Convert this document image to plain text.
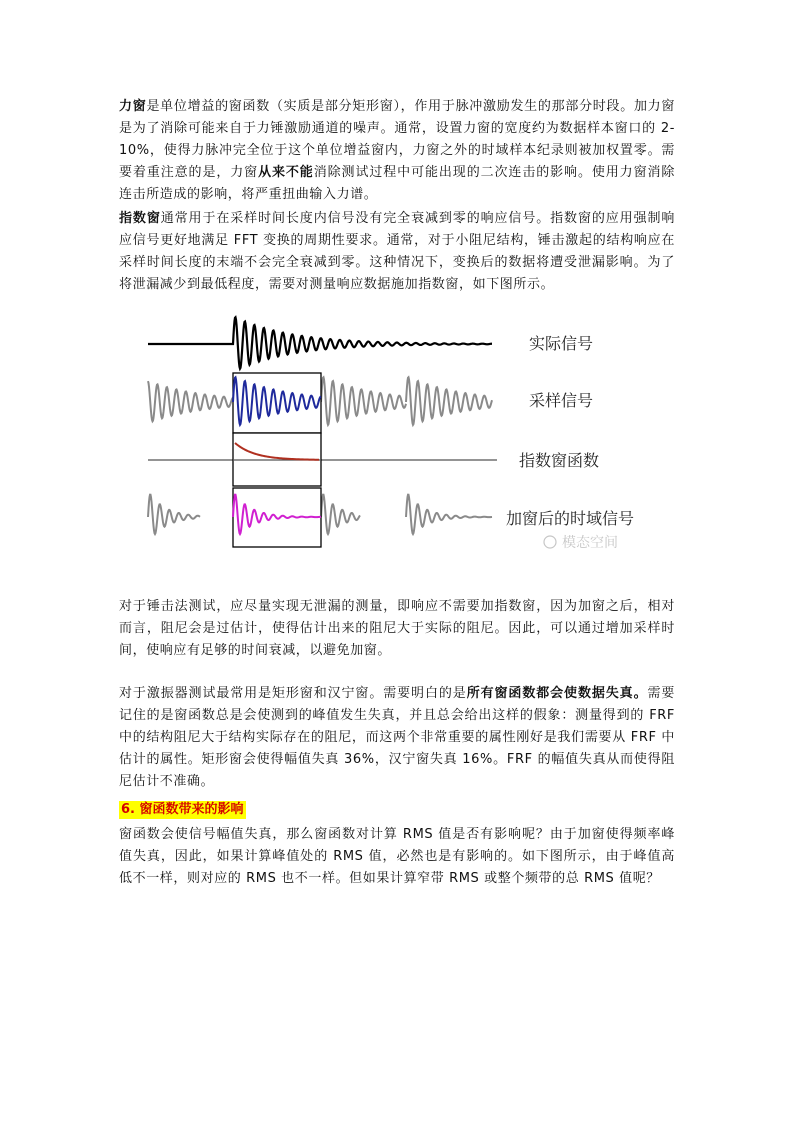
力窗是单位增益的窗函数（实质是部分矩形窗），作用于脉冲激励发生的那部分时段。加力窗是为了消除可能来自于力锤激励通道的噪声。通常，设置力窗的宽度约为数据样本窗口的 2-10%，使得力脉冲完全位于这个单位增益窗内，力窗之外的时域样本纪录则被加权置零。需要着重注意的是，力窗从来不能消除测试过程中可能出现的二次连击的影响。使用力窗消除连击所造成的影响，将严重扭曲输入力谱。

指数窗通常用于在采样时间长度内信号没有完全衰减到零的响应信号。指数窗的应用强制响应信号更好地满足 FFT 变换的周期性要求。通常，对于小阻尼结构，锤击激起的结构响应在采样时间长度的末端不会完全衰减到零。这种情况下，变换后的数据将遭受泄漏影响。为了将泄漏减少到最低程度，需要对测量响应数据施加指数窗，如下图所示。

实际信号
采样信号
指数窗函数
加窗后的时域信号
模态空间

对于锤击法测试，应尽量实现无泄漏的测量，即响应不需要加指数窗，因为加窗之后，相对而言，阻尼会是过估计，使得估计出来的阻尼大于实际的阻尼。因此，可以通过增加采样时间，使响应有足够的时间衰减，以避免加窗。

对于激振器测试最常用是矩形窗和汉宁窗。需要明白的是所有窗函数都会使数据失真。需要记住的是窗函数总是会使测到的峰值发生失真，并且总会给出这样的假象：测量得到的 FRF 中的结构阻尼大于结构实际存在的阻尼，而这两个非常重要的属性刚好是我们需要从 FRF 中估计的属性。矩形窗会使得幅值失真 36%，汉宁窗失真 16%。FRF 的幅值失真从而使得阻尼估计不准确。

6. 窗函数带来的影响

窗函数会使信号幅值失真，那么窗函数对计算 RMS 值是否有影响呢？由于加窗使得频率峰值失真，因此，如果计算峰值处的 RMS 值，必然也是有影响的。如下图所示，由于峰值高低不一样，则对应的 RMS 也不一样。但如果计算窄带 RMS 或整个频带的总 RMS 值呢？
